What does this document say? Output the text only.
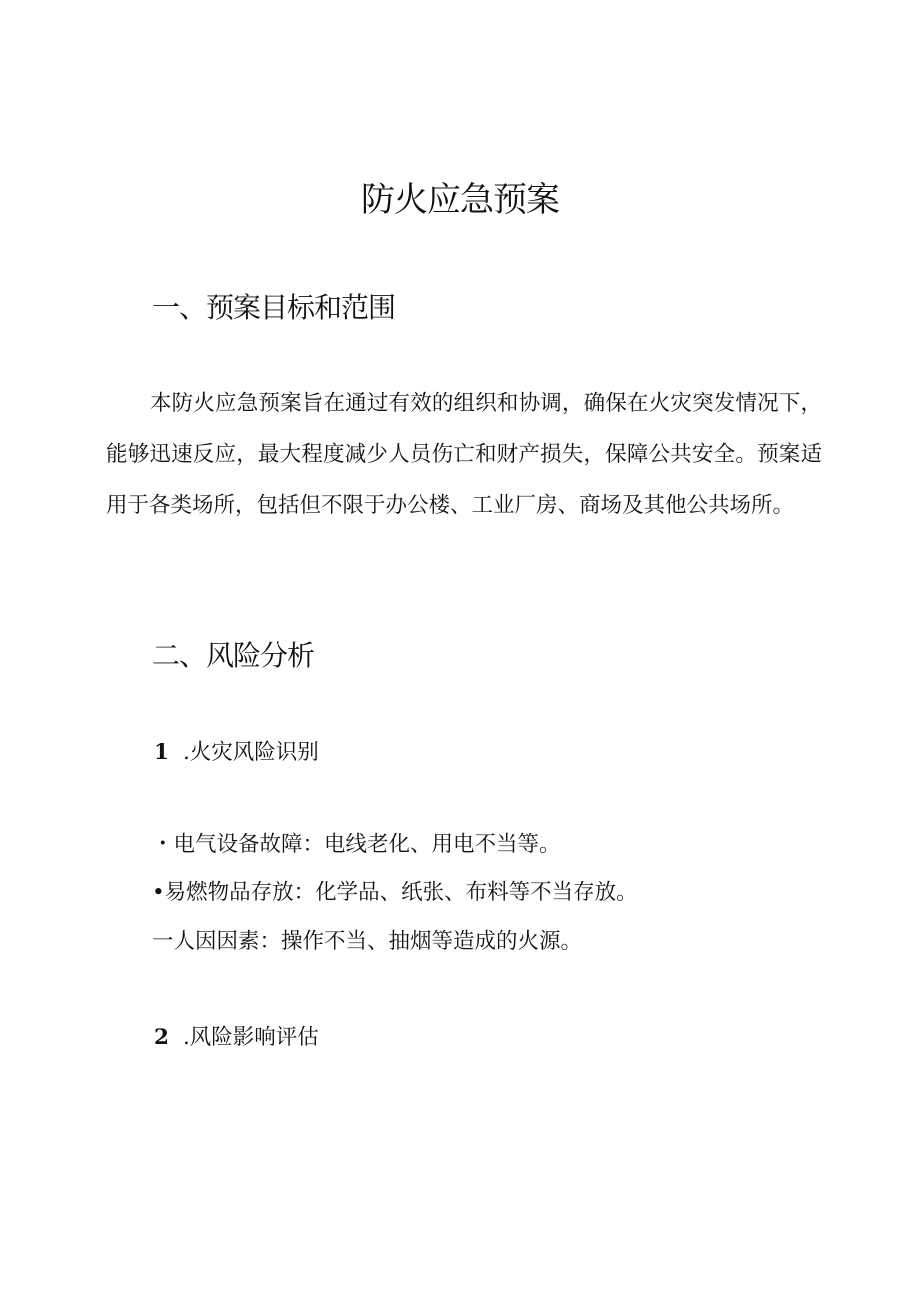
防火应急预案
一、预案目标和范围

本防火应急预案旨在通过有效的组织和协调，确保在火灾突发情况下，能够迅速反应，最大程度减少人员伤亡和财产损失，保障公共安全。预案适用于各类场所，包括但不限于办公楼、工业厂房、商场及其他公共场所。

二、风险分析
1 .火灾风险识别
・电气设备故障：电线老化、用电不当等。
•易燃物品存放：化学品、纸张、布料等不当存放。
一人因因素：操作不当、抽烟等造成的火源。
2 .风险影响评估
